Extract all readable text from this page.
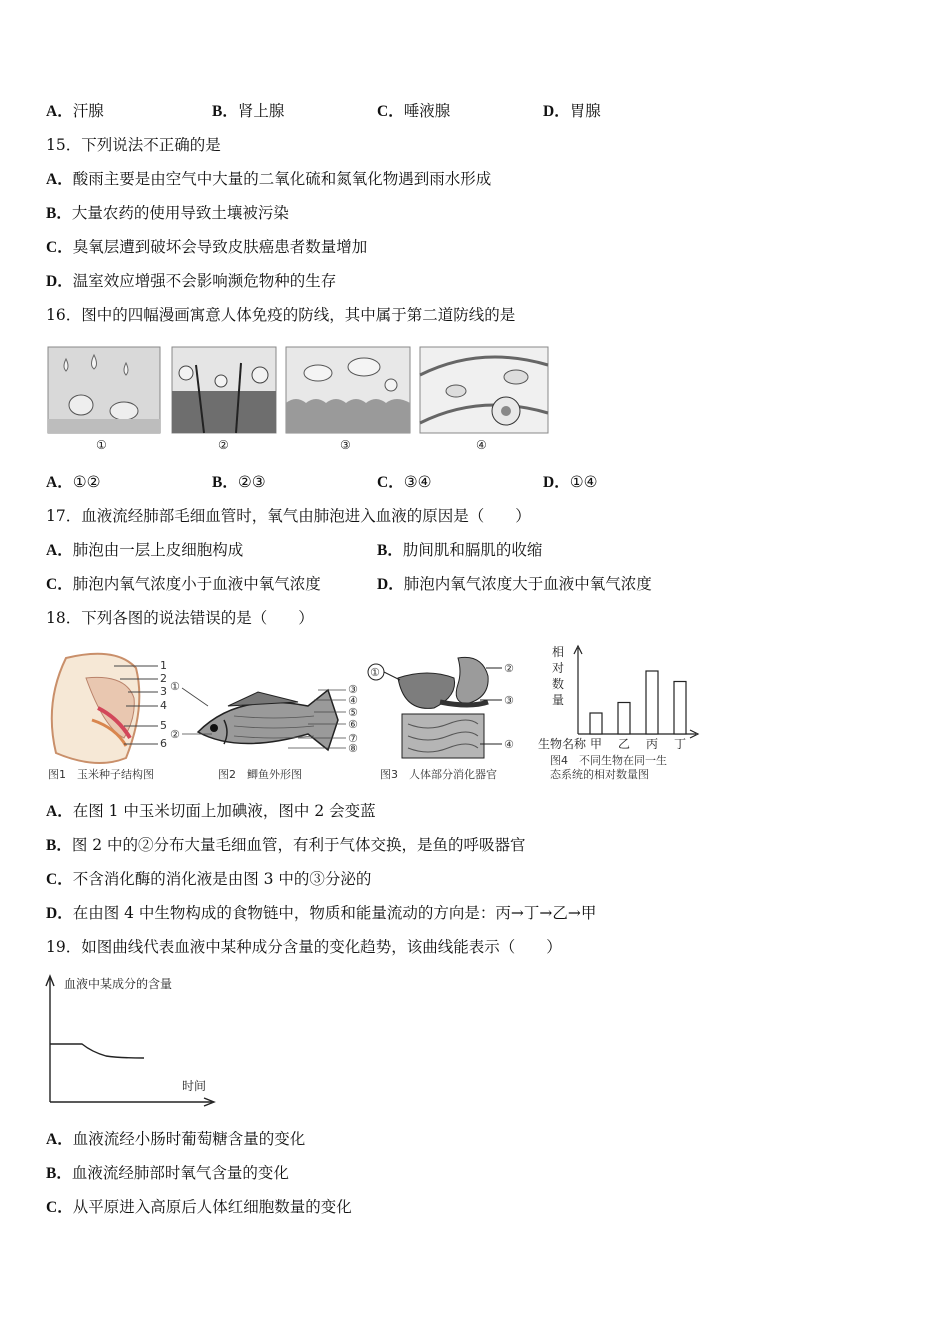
A．汗腺	B．肾上腺	C．唾液腺	D．胃腺
15．下列说法不正确的是
A．酸雨主要是由空气中大量的二氧化硫和氮氧化物遇到雨水形成
B．大量农药的使用导致土壤被污染
C．臭氧层遭到破坏会导致皮肤癌患者数量增加
D．温室效应增强不会影响濒危物种的生存
16．图中的四幅漫画寓意人体免疫的防线，其中属于第二道防线的是
①	②	③	④
A．①②	B．②③	C．③④	D．①④
17．血液流经肺部毛细血管时，氧气由肺泡进入血液的原因是（　　）
A．肺泡由一层上皮细胞构成	B．肋间肌和膈肌的收缩
C．肺泡内氧气浓度小于血液中氧气浓度	D．肺泡内氧气浓度大于血液中氧气浓度
18．下列各图的说法错误的是（　　）
1
2
3
4
5
6
图1　玉米种子结构图
①
②
③
④
⑤
⑥
⑦
⑧
图2　鲫鱼外形图
①	②
③
④
图3　人体部分消化器官
相
对
数
量
生物名称 甲 乙 丙 丁
图4　不同生物在同一生
态系统的相对数量图
A．在图 1 中玉米切面上加碘液，图中 2 会变蓝
B．图 2 中的②分布大量毛细血管，有利于气体交换，是鱼的呼吸器官
C．不含消化酶的消化液是由图 3 中的③分泌的
D．在由图 4 中生物构成的食物链中，物质和能量流动的方向是：丙→丁→乙→甲
19．如图曲线代表血液中某种成分含量的变化趋势，该曲线能表示（　　）
血液中某成分的含量
时间
A．血液流经小肠时葡萄糖含量的变化
B．血液流经肺部时氧气含量的变化
C．从平原进入高原后人体红细胞数量的变化
